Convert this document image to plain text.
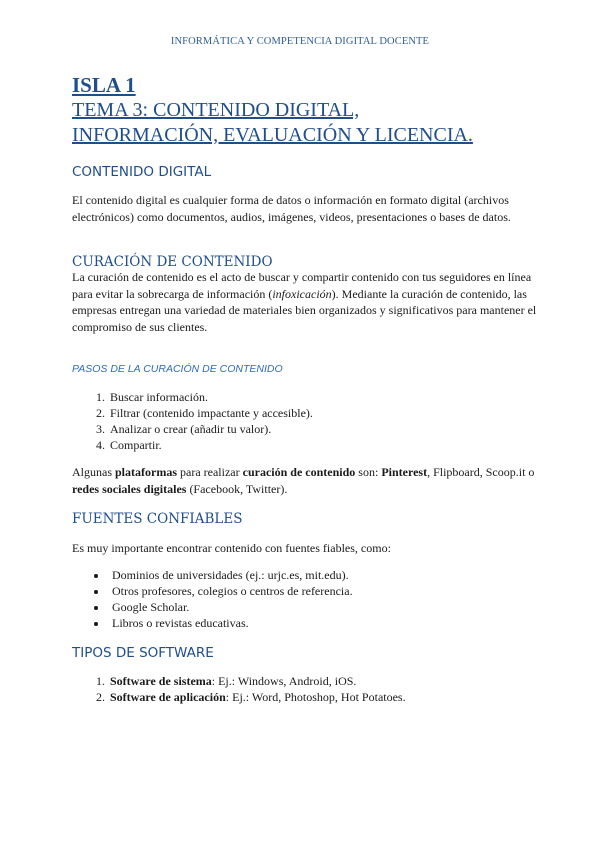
INFORMÁTICA Y COMPETENCIA DIGITAL DOCENTE

ISLA 1

TEMA 3: CONTENIDO DIGITAL,

INFORMACIÓN, EVALUACIÓN Y LICENCIA.

CONTENIDO DIGITAL

El contenido digital es cualquier forma de datos o información en formato digital (archivos electrónicos) como documentos, audios, imágenes, videos, presentaciones o bases de datos.

CURACIÓN DE CONTENIDO

La curación de contenido es el acto de buscar y compartir contenido con tus seguidores en línea para evitar la sobrecarga de información (infoxicación). Mediante la curación de contenido, las empresas entregan una variedad de materiales bien organizados y significativos para mantener el compromiso de sus clientes.

PASOS DE LA CURACIÓN DE CONTENIDO

1. Buscar información.
2. Filtrar (contenido impactante y accesible).
3. Analizar o crear (añadir tu valor).
4. Compartir.

Algunas plataformas para realizar curación de contenido son: Pinterest, Flipboard, Scoop.it o redes sociales digitales (Facebook, Twitter).

FUENTES CONFIABLES

Es muy importante encontrar contenido con fuentes fiables, como:

• Dominios de universidades (ej.: urjc.es, mit.edu).
• Otros profesores, colegios o centros de referencia.
• Google Scholar.
• Libros o revistas educativas.

TIPOS DE SOFTWARE

1. Software de sistema: Ej.: Windows, Android, iOS.
2. Software de aplicación: Ej.: Word, Photoshop, Hot Potatoes.
